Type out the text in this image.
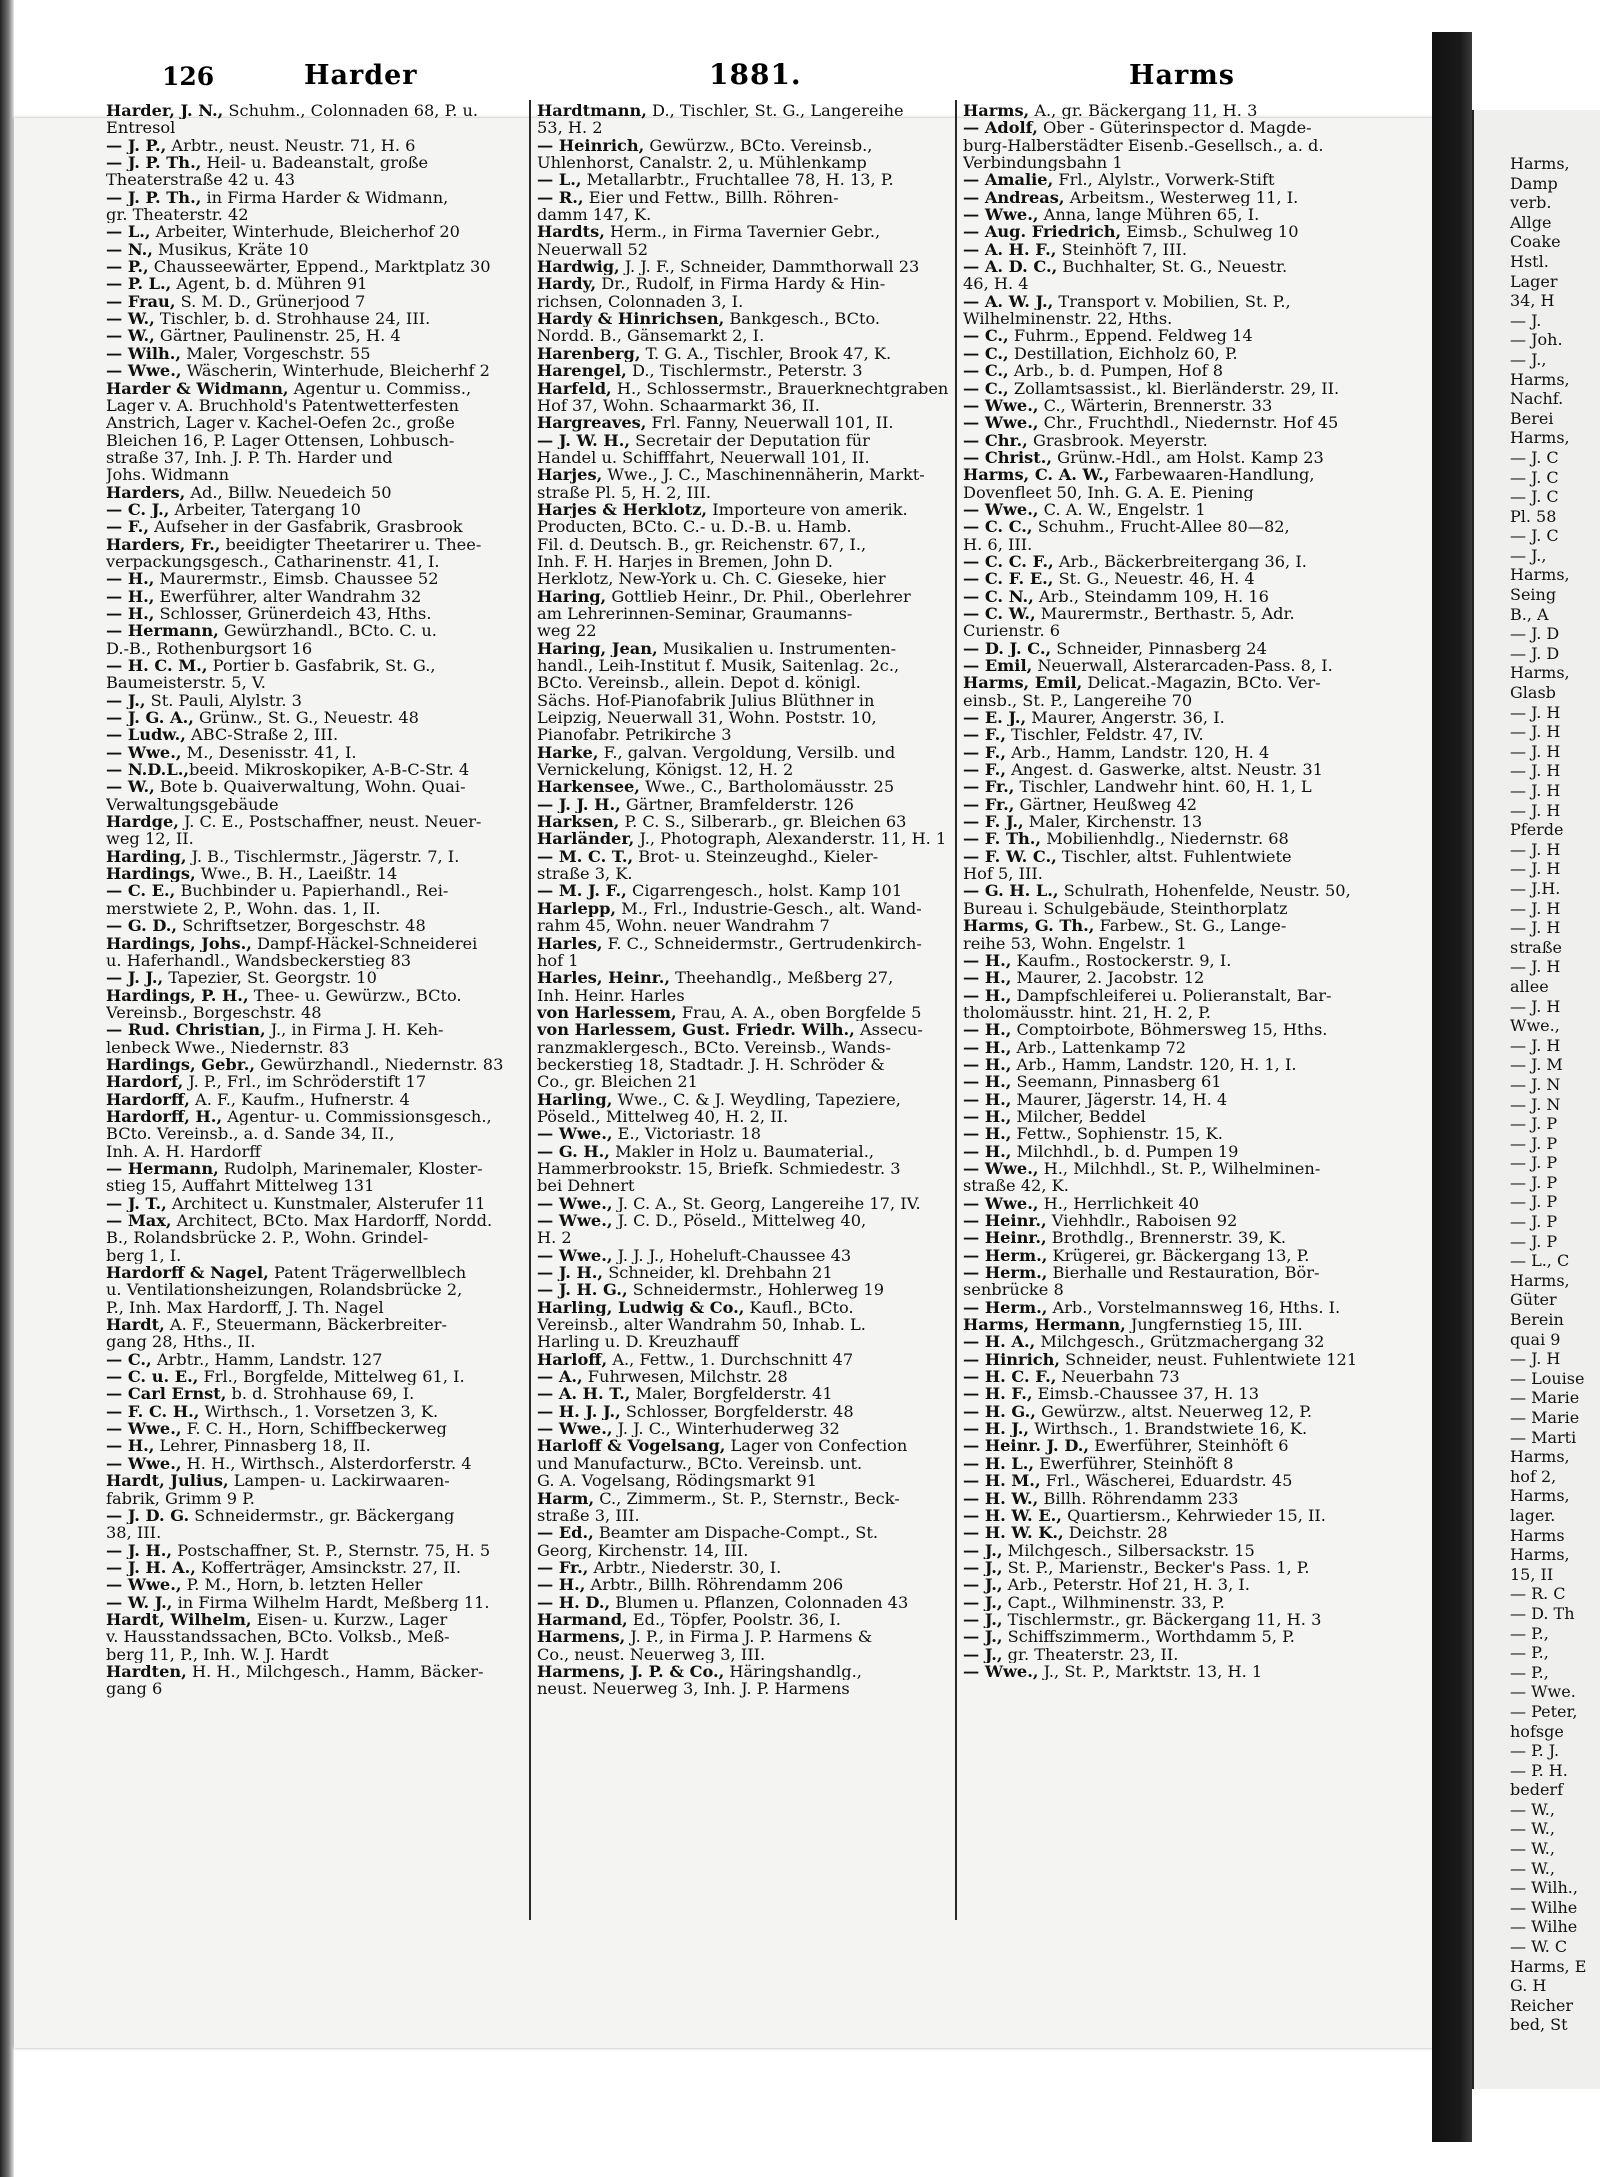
Harms,
Damp
verb.
Allge
Coake
Hstl.
Lager
34, H
— J.
— Joh.
— J.,
Harms,
Nachf.
Berei
Harms,
— J. C
— J. C
— J. C
Pl. 58
— J. C
— J.,
Harms,
Seing
B., A
— J. D
— J. D
Harms,
Glasb
— J. H
— J. H
— J. H
— J. H
— J. H
— J. H
Pferde
— J. H
— J. H
— J.H.
— J. H
— J. H
straße
— J. H
allee
— J. H
Wwe.,
— J. H
— J. M
— J. N
— J. N
— J. P
— J. P
— J. P
— J. P
— J. P
— J. P
— J. P
— L., C
Harms,
Güter
Berein
quai 9
— J. H
— Louise
— Marie
— Marie
— Marti
Harms,
hof 2,
Harms,
lager.
Harms
Harms,
15, II
— R. C
— D. Th
— P.,
— P.,
— P.,
— Wwe.
— Peter,
hofsge
— P. J.
— P. H.
bederf
— W.,
— W.,
— W.,
— W.,
— Wilh.,
— Wilhe
— Wilhe
— W. C
Harms, E
G. H
Reicher
bed, St
126	Harder	1881.	Harms
Harder, J. N., Schuhm., Colonnaden 68, P. u.
Entresol
— J. P., Arbtr., neust. Neustr. 71, H. 6
— J. P. Th., Heil- u. Badeanstalt, große
Theaterstraße 42 u. 43
— J. P. Th., in Firma Harder & Widmann,
gr. Theaterstr. 42
— L., Arbeiter, Winterhude, Bleicherhof 20
— N., Musikus, Kräte 10
— P., Chausseewärter, Eppend., Marktplatz 30
— P. L., Agent, b. d. Mühren 91
— Frau, S. M. D., Grünerjood 7
— W., Tischler, b. d. Strohhause 24, III.
— W., Gärtner, Paulinenstr. 25, H. 4
— Wilh., Maler, Vorgeschstr. 55
— Wwe., Wäscherin, Winterhude, Bleicherhf 2
Harder & Widmann, Agentur u. Commiss.,
Lager v. A. Bruchhold's Patentwetterfesten
Anstrich, Lager v. Kachel-Oefen 2c., große
Bleichen 16, P. Lager Ottensen, Lohbusch-
straße 37, Inh. J. P. Th. Harder und
Johs. Widmann
Harders, Ad., Billw. Neuedeich 50
— C. J., Arbeiter, Tatergang 10
— F., Aufseher in der Gasfabrik, Grasbrook
Harders, Fr., beeidigter Theetarirer u. Thee-
verpackungsgesch., Catharinenstr. 41, I.
— H., Maurermstr., Eimsb. Chaussee 52
— H., Ewerführer, alter Wandrahm 32
— H., Schlosser, Grünerdeich 43, Hths.
— Hermann, Gewürzhandl., BCto. C. u.
D.-B., Rothenburgsort 16
— H. C. M., Portier b. Gasfabrik, St. G.,
Baumeisterstr. 5, V.
— J., St. Pauli, Alylstr. 3
— J. G. A., Grünw., St. G., Neuestr. 48
— Ludw., ABC-Straße 2, III.
— Wwe., M., Desenisstr. 41, I.
— N.D.L.,beeid. Mikroskopiker, A-B-C-Str. 4
— W., Bote b. Quaiverwaltung, Wohn. Quai-
Verwaltungsgebäude
Hardge, J. C. E., Postschaffner, neust. Neuer-
weg 12, II.
Harding, J. B., Tischlermstr., Jägerstr. 7, I.
Hardings, Wwe., B. H., Laeißtr. 14
— C. E., Buchbinder u. Papierhandl., Rei-
merstwiete 2, P., Wohn. das. 1, II.
— G. D., Schriftsetzer, Borgeschstr. 48
Hardings, Johs., Dampf-Häckel-Schneiderei
u. Haferhandl., Wandsbeckerstieg 83
— J. J., Tapezier, St. Georgstr. 10
Hardings, P. H., Thee- u. Gewürzw., BCto.
Vereinsb., Borgeschstr. 48
— Rud. Christian, J., in Firma J. H. Keh-
lenbeck Wwe., Niedernstr. 83
Hardings, Gebr., Gewürzhandl., Niedernstr. 83
Hardorf, J. P., Frl., im Schröderstift 17
Hardorff, A. F., Kaufm., Hufnerstr. 4
Hardorff, H., Agentur- u. Commissionsgesch.,
BCto. Vereinsb., a. d. Sande 34, II.,
Inh. A. H. Hardorff
— Hermann, Rudolph, Marinemaler, Kloster-
stieg 15, Auffahrt Mittelweg 131
— J. T., Architect u. Kunstmaler, Alsterufer 11
— Max, Architect, BCto. Max Hardorff, Nordd.
B., Rolandsbrücke 2. P., Wohn. Grindel-
berg 1, I.
Hardorff & Nagel, Patent Trägerwellblech
u. Ventilationsheizungen, Rolandsbrücke 2,
P., Inh. Max Hardorff, J. Th. Nagel
Hardt, A. F., Steuermann, Bäckerbreiter-
gang 28, Hths., II.
— C., Arbtr., Hamm, Landstr. 127
— C. u. E., Frl., Borgfelde, Mittelweg 61, I.
— Carl Ernst, b. d. Strohhause 69, I.
— F. C. H., Wirthsch., 1. Vorsetzen 3, K.
— Wwe., F. C. H., Horn, Schiffbeckerweg
— H., Lehrer, Pinnasberg 18, II.
— Wwe., H. H., Wirthsch., Alsterdorferstr. 4
Hardt, Julius, Lampen- u. Lackirwaaren-
fabrik, Grimm 9 P.
— J. D. G. Schneidermstr., gr. Bäckergang
38, III.
— J. H., Postschaffner, St. P., Sternstr. 75, H. 5
— J. H. A., Kofferträger, Amsinckstr. 27, II.
— Wwe., P. M., Horn, b. letzten Heller
— W. J., in Firma Wilhelm Hardt, Meßberg 11.
Hardt, Wilhelm, Eisen- u. Kurzw., Lager
v. Hausstandssachen, BCto. Volksb., Meß-
berg 11, P., Inh. W. J. Hardt
Hardten, H. H., Milchgesch., Hamm, Bäcker-
gang 6
Hardtmann, D., Tischler, St. G., Langereihe
53, H. 2
— Heinrich, Gewürzw., BCto. Vereinsb.,
Uhlenhorst, Canalstr. 2, u. Mühlenkamp
— L., Metallarbtr., Fruchtallee 78, H. 13, P.
— R., Eier und Fettw., Billh. Röhren-
damm 147, K.
Hardts, Herm., in Firma Tavernier Gebr.,
Neuerwall 52
Hardwig, J. J. F., Schneider, Dammthorwall 23
Hardy, Dr., Rudolf, in Firma Hardy & Hin-
richsen, Colonnaden 3, I.
Hardy & Hinrichsen, Bankgesch., BCto.
Nordd. B., Gänsemarkt 2, I.
Harenberg, T. G. A., Tischler, Brook 47, K.
Harengel, D., Tischlermstr., Peterstr. 3
Harfeld, H., Schlossermstr., Brauerknechtgraben
Hof 37, Wohn. Schaarmarkt 36, II.
Hargreaves, Frl. Fanny, Neuerwall 101, II.
— J. W. H., Secretair der Deputation für
Handel u. Schifffahrt, Neuerwall 101, II.
Harjes, Wwe., J. C., Maschinennäherin, Markt-
straße Pl. 5, H. 2, III.
Harjes & Herklotz, Importeure von amerik.
Producten, BCto. C.- u. D.-B. u. Hamb.
Fil. d. Deutsch. B., gr. Reichenstr. 67, I.,
Inh. F. H. Harjes in Bremen, John D.
Herklotz, New-York u. Ch. C. Gieseke, hier
Haring, Gottlieb Heinr., Dr. Phil., Oberlehrer
am Lehrerinnen-Seminar, Graumanns-
weg 22
Haring, Jean, Musikalien u. Instrumenten-
handl., Leih-Institut f. Musik, Saitenlag. 2c.,
BCto. Vereinsb., allein. Depot d. königl.
Sächs. Hof-Pianofabrik Julius Blüthner in
Leipzig, Neuerwall 31, Wohn. Poststr. 10,
Pianofabr. Petrikirche 3
Harke, F., galvan. Vergoldung, Versilb. und
Vernickelung, Königst. 12, H. 2
Harkensee, Wwe., C., Bartholomäusstr. 25
— J. J. H., Gärtner, Bramfelderstr. 126
Harksen, P. C. S., Silberarb., gr. Bleichen 63
Harländer, J., Photograph, Alexanderstr. 11, H. 1
— M. C. T., Brot- u. Steinzeughd., Kieler-
straße 3, K.
— M. J. F., Cigarrengesch., holst. Kamp 101
Harlepp, M., Frl., Industrie-Gesch., alt. Wand-
rahm 45, Wohn. neuer Wandrahm 7
Harles, F. C., Schneidermstr., Gertrudenkirch-
hof 1
Harles, Heinr., Theehandlg., Meßberg 27,
Inh. Heinr. Harles
von Harlessem, Frau, A. A., oben Borgfelde 5
von Harlessem, Gust. Friedr. Wilh., Assecu-
ranzmaklergesch., BCto. Vereinsb., Wands-
beckerstieg 18, Stadtadr. J. H. Schröder &
Co., gr. Bleichen 21
Harling, Wwe., C. & J. Weydling, Tapeziere,
Pöseld., Mittelweg 40, H. 2, II.
— Wwe., E., Victoriastr. 18
— G. H., Makler in Holz u. Baumaterial.,
Hammerbrookstr. 15, Briefk. Schmiedestr. 3
bei Dehnert
— Wwe., J. C. A., St. Georg, Langereihe 17, IV.
— Wwe., J. C. D., Pöseld., Mittelweg 40,
H. 2
— Wwe., J. J. J., Hoheluft-Chaussee 43
— J. H., Schneider, kl. Drehbahn 21
— J. H. G., Schneidermstr., Hohlerweg 19
Harling, Ludwig & Co., Kaufl., BCto.
Vereinsb., alter Wandrahm 50, Inhab. L.
Harling u. D. Kreuzhauff
Harloff, A., Fettw., 1. Durchschnitt 47
— A., Fuhrwesen, Milchstr. 28
— A. H. T., Maler, Borgfelderstr. 41
— H. J. J., Schlosser, Borgfelderstr. 48
— Wwe., J. J. C., Winterhuderweg 32
Harloff & Vogelsang, Lager von Confection
und Manufacturw., BCto. Vereinsb. unt.
G. A. Vogelsang, Rödingsmarkt 91
Harm, C., Zimmerm., St. P., Sternstr., Beck-
straße 3, III.
— Ed., Beamter am Dispache-Compt., St.
Georg, Kirchenstr. 14, III.
— Fr., Arbtr., Niederstr. 30, I.
— H., Arbtr., Billh. Röhrendamm 206
— H. D., Blumen u. Pflanzen, Colonnaden 43
Harmand, Ed., Töpfer, Poolstr. 36, I.
Harmens, J. P., in Firma J. P. Harmens &
Co., neust. Neuerweg 3, III.
Harmens, J. P. & Co., Häringshandlg.,
neust. Neuerweg 3, Inh. J. P. Harmens
Harms, A., gr. Bäckergang 11, H. 3
— Adolf, Ober - Güterinspector d. Magde-
burg-Halberstädter Eisenb.-Gesellsch., a. d.
Verbindungsbahn 1
— Amalie, Frl., Alylstr., Vorwerk-Stift
— Andreas, Arbeitsm., Westerweg 11, I.
— Wwe., Anna, lange Mühren 65, I.
— Aug. Friedrich, Eimsb., Schulweg 10
— A. H. F., Steinhöft 7, III.
— A. D. C., Buchhalter, St. G., Neuestr.
46, H. 4
— A. W. J., Transport v. Mobilien, St. P.,
Wilhelminenstr. 22, Hths.
— C., Fuhrm., Eppend. Feldweg 14
— C., Destillation, Eichholz 60, P.
— C., Arb., b. d. Pumpen, Hof 8
— C., Zollamtsassist., kl. Bierländerstr. 29, II.
— Wwe., C., Wärterin, Brennerstr. 33
— Wwe., Chr., Fruchthdl., Niedernstr. Hof 45
— Chr., Grasbrook. Meyerstr.
— Christ., Grünw.-Hdl., am Holst. Kamp 23
Harms, C. A. W., Farbewaaren-Handlung,
Dovenfleet 50, Inh. G. A. E. Piening
— Wwe., C. A. W., Engelstr. 1
— C. C., Schuhm., Frucht-Allee 80—82,
H. 6, III.
— C. C. F., Arb., Bäckerbreitergang 36, I.
— C. F. E., St. G., Neuestr. 46, H. 4
— C. N., Arb., Steindamm 109, H. 16
— C. W., Maurermstr., Berthastr. 5, Adr.
Curienstr. 6
— D. J. C., Schneider, Pinnasberg 24
— Emil, Neuerwall, Alsterarcaden-Pass. 8, I.
Harms, Emil, Delicat.-Magazin, BCto. Ver-
einsb., St. P., Langereihe 70
— E. J., Maurer, Angerstr. 36, I.
— F., Tischler, Feldstr. 47, IV.
— F., Arb., Hamm, Landstr. 120, H. 4
— F., Angest. d. Gaswerke, altst. Neustr. 31
— Fr., Tischler, Landwehr hint. 60, H. 1, L
— Fr., Gärtner, Heußweg 42
— F. J., Maler, Kirchenstr. 13
— F. Th., Mobilienhdlg., Niedernstr. 68
— F. W. C., Tischler, altst. Fuhlentwiete
Hof 5, III.
— G. H. L., Schulrath, Hohenfelde, Neustr. 50,
Bureau i. Schulgebäude, Steinthorplatz
Harms, G. Th., Farbew., St. G., Lange-
reihe 53, Wohn. Engelstr. 1
— H., Kaufm., Rostockerstr. 9, I.
— H., Maurer, 2. Jacobstr. 12
— H., Dampfschleiferei u. Polieranstalt, Bar-
tholomäusstr. hint. 21, H. 2, P.
— H., Comptoirbote, Böhmersweg 15, Hths.
— H., Arb., Lattenkamp 72
— H., Arb., Hamm, Landstr. 120, H. 1, I.
— H., Seemann, Pinnasberg 61
— H., Maurer, Jägerstr. 14, H. 4
— H., Milcher, Beddel
— H., Fettw., Sophienstr. 15, K.
— H., Milchhdl., b. d. Pumpen 19
— Wwe., H., Milchhdl., St. P., Wilhelminen-
straße 42, K.
— Wwe., H., Herrlichkeit 40
— Heinr., Viehhdlr., Raboisen 92
— Heinr., Brothdlg., Brennerstr. 39, K.
— Herm., Krügerei, gr. Bäckergang 13, P.
— Herm., Bierhalle und Restauration, Bör-
senbrücke 8
— Herm., Arb., Vorstelmannsweg 16, Hths. I.
Harms, Hermann, Jungfernstieg 15, III.
— H. A., Milchgesch., Grützmachergang 32
— Hinrich, Schneider, neust. Fuhlentwiete 121
— H. C. F., Neuerbahn 73
— H. F., Eimsb.-Chaussee 37, H. 13
— H. G., Gewürzw., altst. Neuerweg 12, P.
— H. J., Wirthsch., 1. Brandstwiete 16, K.
— Heinr. J. D., Ewerführer, Steinhöft 6
— H. L., Ewerführer, Steinhöft 8
— H. M., Frl., Wäscherei, Eduardstr. 45
— H. W., Billh. Röhrendamm 233
— H. W. E., Quartiersm., Kehrwieder 15, II.
— H. W. K., Deichstr. 28
— J., Milchgesch., Silbersackstr. 15
— J., St. P., Marienstr., Becker's Pass. 1, P.
— J., Arb., Peterstr. Hof 21, H. 3, I.
— J., Capt., Wilhminenstr. 33, P.
— J., Tischlermstr., gr. Bäckergang 11, H. 3
— J., Schiffszimmerm., Worthdamm 5, P.
— J., gr. Theaterstr. 23, II.
— Wwe., J., St. P., Marktstr. 13, H. 1
